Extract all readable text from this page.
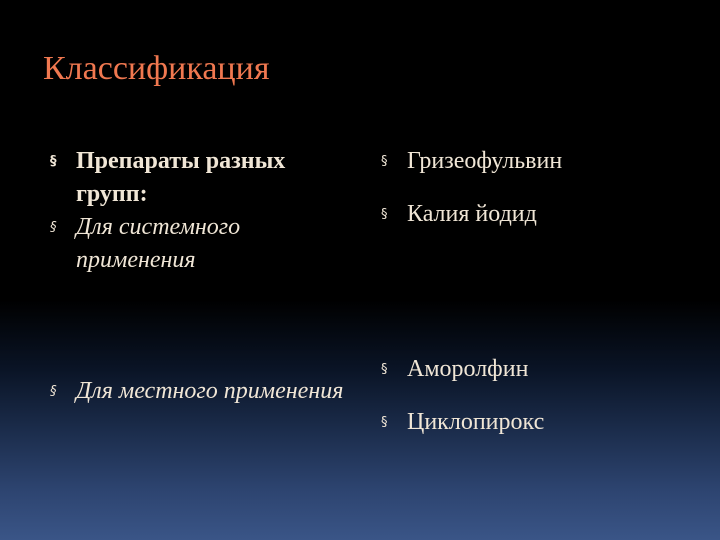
Классификация
§ Препараты разных групп:
§ Для системного применения
§ Для местного применения
§ Гризеофульвин
§ Калия йодид
§ Аморолфин
§ Циклопирокс
